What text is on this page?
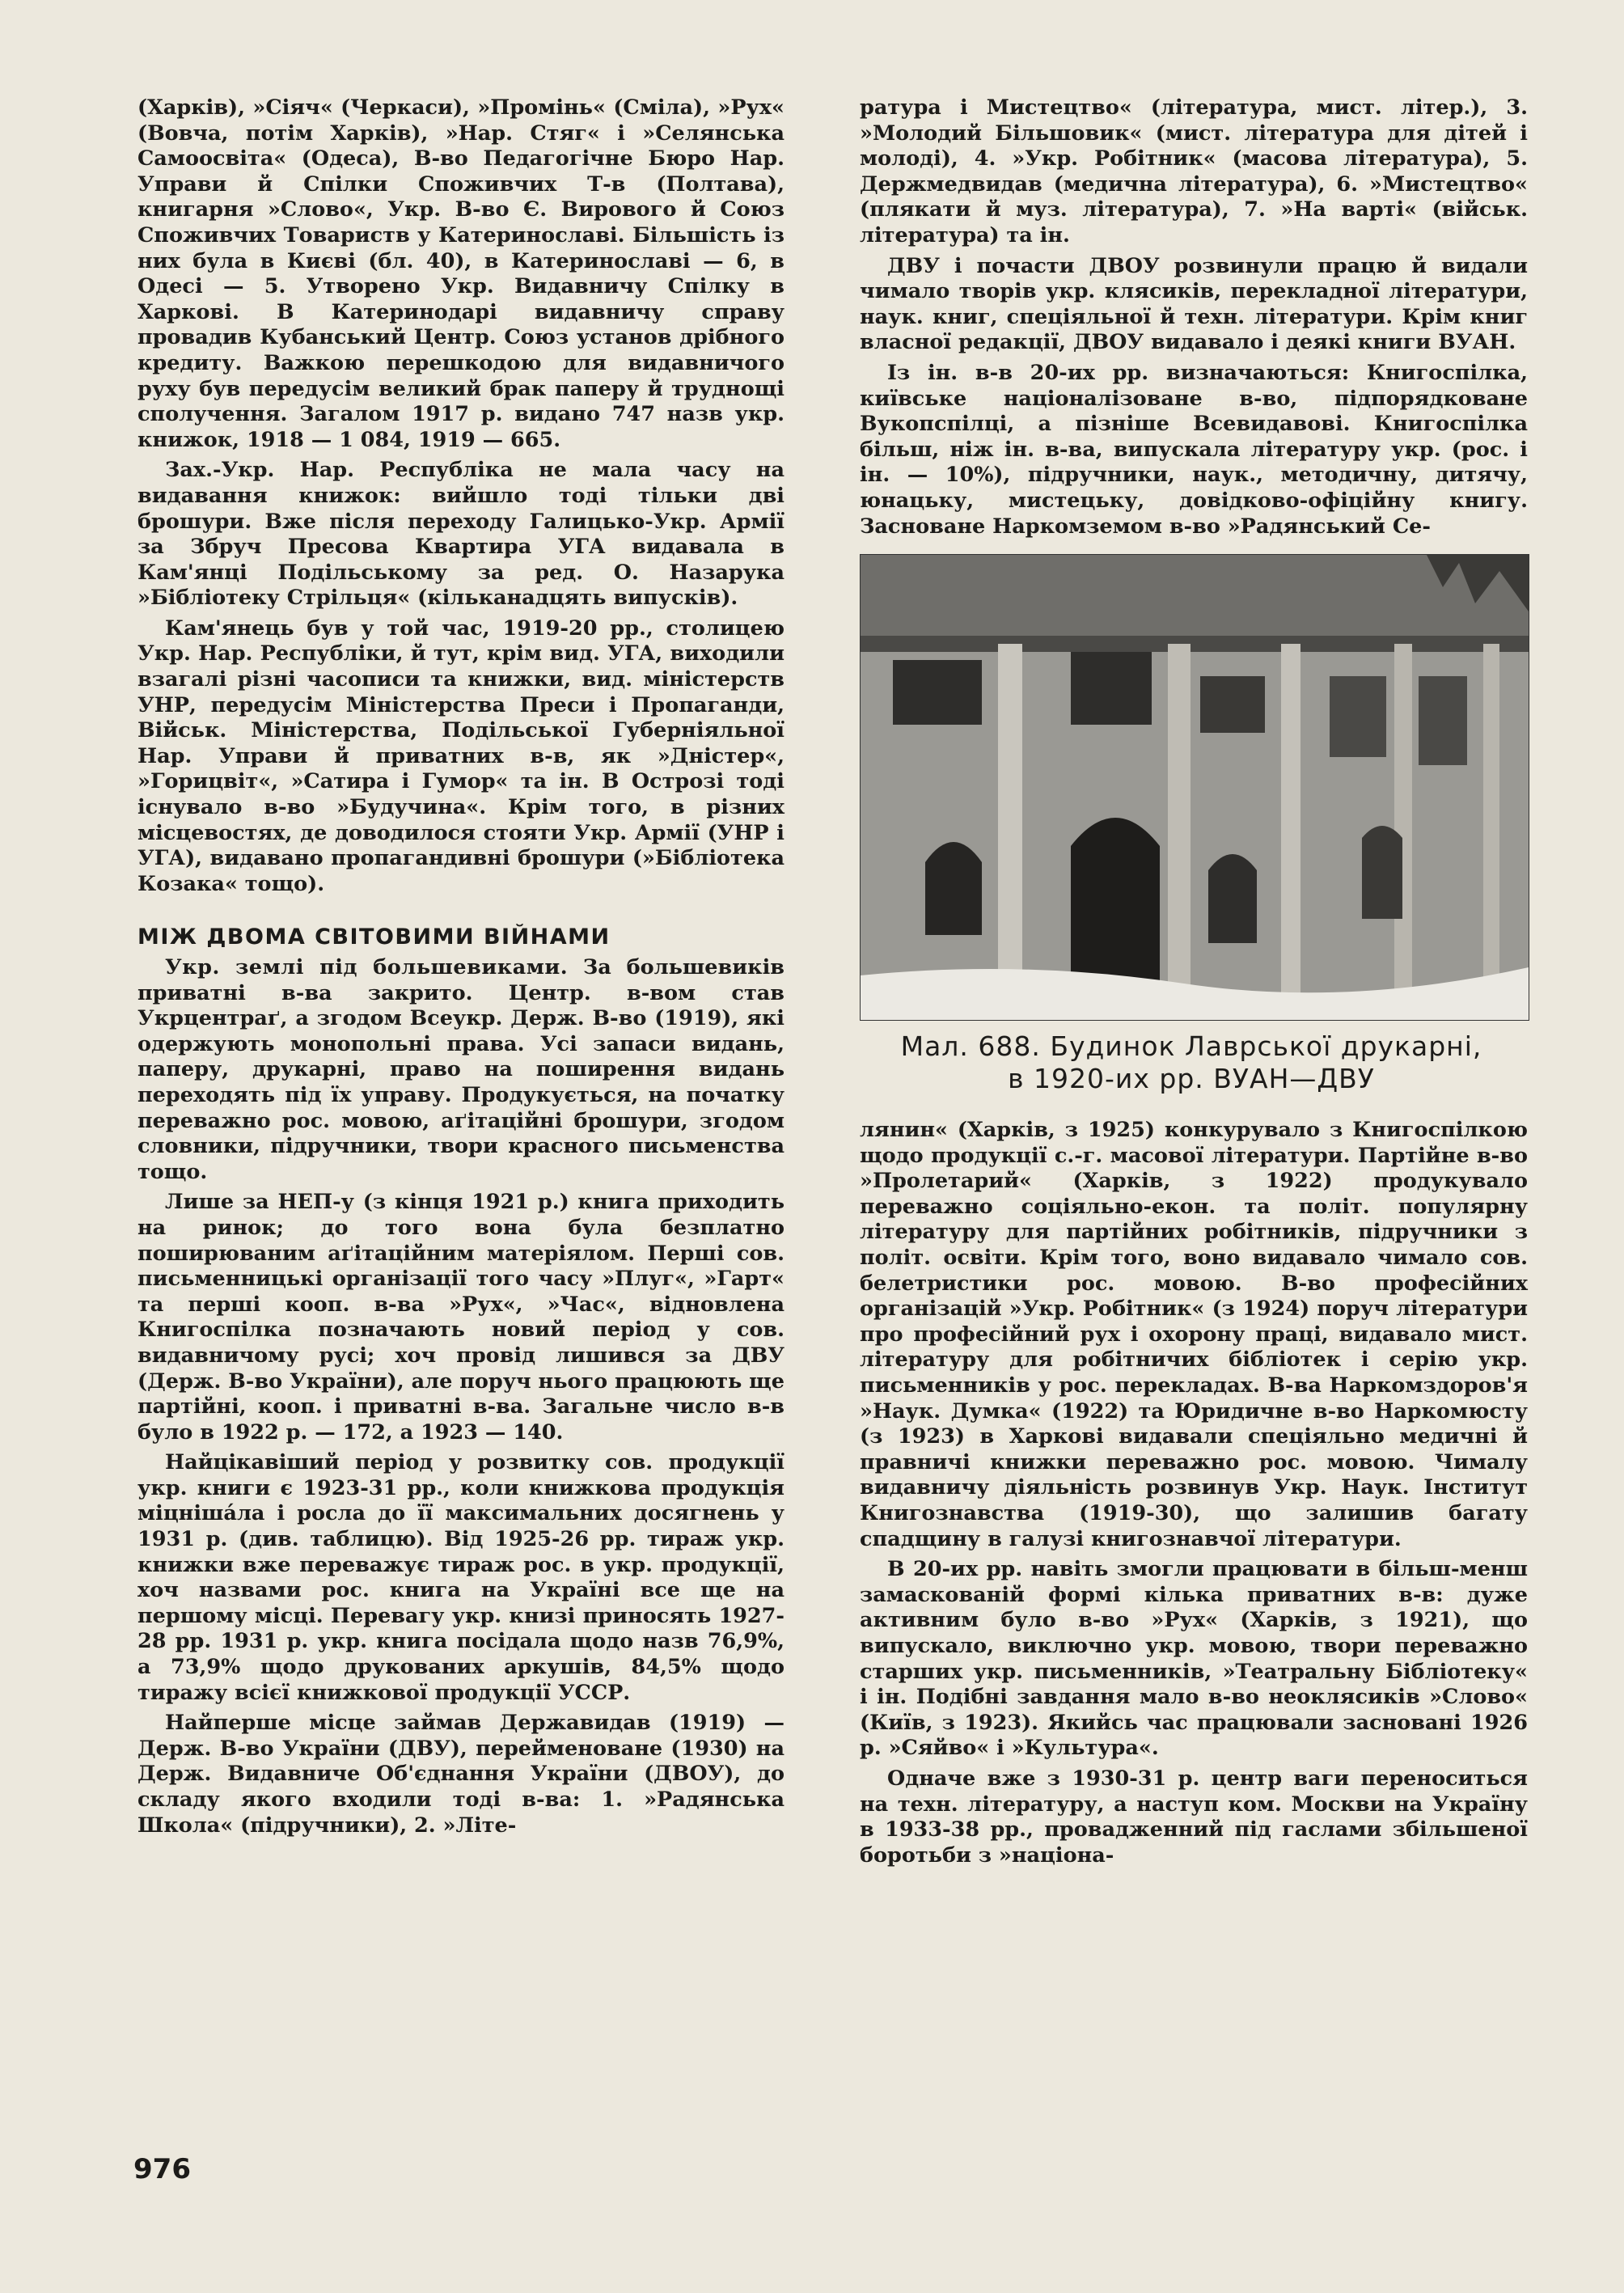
(Харків), »Сіяч« (Черкаси), »Промінь« (Сміла), »Рух« (Вовча, потім Харків), »Нар. Стяг« і »Селянська Самоосвіта« (Одеса), В-во Педагогічне Бюро Нар. Управи й Спілки Споживчих Т-в (Полтава), книгарня »Слово«, Укр. В-во Є. Вирового й Союз Споживчих Товариств у Катеринославі. Більшість із них була в Києві (бл. 40), в Катеринославі — 6, в Одесі — 5. Утворено Укр. Видавничу Спілку в Харкові. В Катеринодарі видавничу справу провадив Кубанський Центр. Союз установ дрібного кредиту. Важкою перешкодою для видавничого руху був передусім великий брак паперу й труднощі сполучення. Загалом 1917 р. видано 747 назв укр. книжок, 1918 — 1 084, 1919 — 665.

Зах.-Укр. Нар. Республіка не мала часу на видавання книжок: вийшло тоді тільки дві брошури. Вже після переходу Галицько-Укр. Армії за Збруч Пресова Квартира УГА видавала в Кам'янці Подільському за ред. О. Назарука »Бібліотеку Стрільця« (кільканадцять випусків).

Кам'янець був у той час, 1919-20 рр., столицею Укр. Нар. Республіки, й тут, крім вид. УГА, виходили взагалі різні часописи та книжки, вид. міністерств УНР, передусім Міністерства Преси і Пропаганди, Військ. Міністерства, Подільської Губерніяльної Нар. Управи й приватних в-в, як »Дністер«, »Горицвіт«, »Сатира і Гумор« та ін. В Острозі тоді існувало в-во »Будучина«. Крім того, в різних місцевостях, де доводилося стояти Укр. Армії (УНР і УГА), видавано пропагандивні брошури (»Бібліотека Козака« тощо).

МІЖ ДВОМА СВІТОВИМИ ВІЙНАМИ

Укр. землі під большевиками. За большевиків приватні в-ва закрито. Центр. в-вом став Укрцентраґ, а згодом Всеукр. Держ. В-во (1919), які одержують монопольні права. Усі запаси видань, паперу, друкарні, право на поширення видань переходять під їх управу. Продукується, на початку переважно рос. мовою, аґітаційні брошури, згодом словники, підручники, твори красного письменства тощо.

Лише за НЕП-у (з кінця 1921 р.) книга приходить на ринок; до того вона була безплатно поширюваним аґітаційним матеріялом. Перші сов. письменницькі організації того часу »Плуг«, »Гарт« та перші кооп. в-ва »Рух«, »Час«, відновлена Книгоспілка позначають новий період у сов. видавничому русі; хоч провід лишився за ДВУ (Держ. В-во України), але поруч нього працюють ще партійні, кооп. і приватні в-ва. Загальне число в-в було в 1922 р. — 172, а 1923 — 140.

Найцікавіший період у розвитку сов. продукції укр. книги є 1923-31 рр., коли книжкова продукція міцніша́ла і росла до її максимальних досягнень у 1931 р. (див. таблицю). Від 1925-26 рр. тираж укр. книжки вже переважує тираж рос. в укр. продукції, хоч назвами рос. книга на Україні все ще на першому місці. Перевагу укр. книзі приносять 1927-28 рр. 1931 р. укр. книга посідала щодо назв 76,9%, а 73,9% щодо друкованих аркушів, 84,5% щодо тиражу всієї книжкової продукції УССР.

Найперше місце займав Державидав (1919) — Держ. В-во України (ДВУ), перейменоване (1930) на Держ. Видавниче Об'єднання України (ДВОУ), до складу якого входили тоді в-ва: 1. »Радянська Школа« (підручники), 2. »Літе-

ратура і Мистецтво« (література, мист. літер.), 3. »Молодий Більшовик« (мист. література для дітей і молоді), 4. »Укр. Робітник« (масова література), 5. Держмедвидав (медична література), 6. »Мистецтво« (плякати й муз. література), 7. »На варті« (військ. література) та ін.

ДВУ і почасти ДВОУ розвинули працю й видали чимало творів укр. клясиків, перекладної літератури, наук. книг, спеціяльної й техн. літератури. Крім книг власної редакції, ДВОУ видавало і деякі книги ВУАН.

Із ін. в-в 20-их рр. визначаються: Книгоспілка, київське націоналізоване в-во, підпорядковане Вукопспілці, а пізніше Всевидавові. Книгоспілка більш, ніж ін. в-ва, випускала літературу укр. (рос. і ін. — 10%), підручники, наук., методичну, дитячу, юнацьку, мистецьку, довідково-офіційну книгу. Засноване Наркомземом в-во »Радянський Се-

Мал. 688. Будинок Лаврської друкарні,
в 1920-их рр. ВУАН—ДВУ

лянин« (Харків, з 1925) конкурувало з Книгоспілкою щодо продукції с.-г. масової літератури. Партійне в-во »Пролетарий« (Харків, з 1922) продукувало переважно соціяльно-екон. та політ. популярну літературу для партійних робітників, підручники з політ. освіти. Крім того, воно видавало чимало сов. белетристики рос. мовою. В-во професійних організацій »Укр. Робітник« (з 1924) поруч літератури про професійний рух і охорону праці, видавало мист. літературу для робітничих бібліотек і серію укр. письменників у рос. перекладах. В-ва Наркомздоров'я »Наук. Думка« (1922) та Юридичне в-во Наркомюсту (з 1923) в Харкові видавали спеціяльно медичні й правничі книжки переважно рос. мовою. Чималу видавничу діяльність розвинув Укр. Наук. Інститут Книгознавства (1919-30), що залишив багату спадщину в галузі книгознавчої літератури.

В 20-их рр. навіть змогли працювати в більш-менш замаскованій формі кілька приватних в-в: дуже активним було в-во »Рух« (Харків, з 1921), що випускало, виключно укр. мовою, твори переважно старших укр. письменників, »Театральну Бібліотеку« і ін. Подібні завдання мало в-во неоклясиків »Слово« (Київ, з 1923). Якийсь час працювали засновані 1926 р. »Сяйво« і »Культура«.

Одначе вже з 1930-31 р. центр ваги переноситься на техн. літературу, а наступ ком. Москви на Україну в 1933-38 рр., провадженний під гаслами збільшеної боротьби з »націона-

976
